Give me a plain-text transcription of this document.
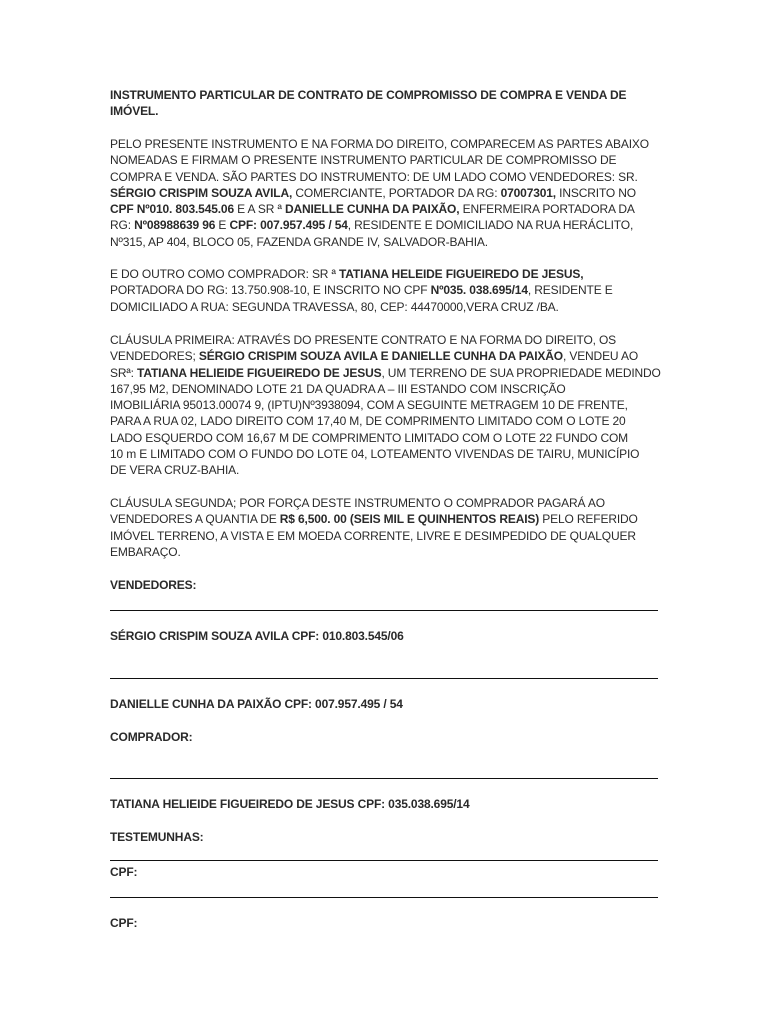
INSTRUMENTO PARTICULAR DE CONTRATO DE COMPROMISSO DE COMPRA E VENDA DE
IMÓVEL.
PELO PRESENTE INSTRUMENTO E NA FORMA DO DIREITO, COMPARECEM AS PARTES ABAIXO
NOMEADAS E FIRMAM O PRESENTE INSTRUMENTO PARTICULAR DE COMPROMISSO DE
COMPRA E VENDA. SÃO PARTES DO INSTRUMENTO: DE UM LADO COMO VENDEDORES: SR.
SÉRGIO CRISPIM SOUZA AVILA, COMERCIANTE, PORTADOR DA RG: 07007301, INSCRITO NO
CPF Nº010. 803.545.06 E A SR ª DANIELLE CUNHA DA PAIXÃO, ENFERMEIRA PORTADORA DA
RG: Nº08988639 96 E CPF: 007.957.495 / 54, RESIDENTE E DOMICILIADO NA RUA HERÁCLITO,
Nº315, AP 404, BLOCO 05, FAZENDA GRANDE IV, SALVADOR-BAHIA.
E DO OUTRO COMO COMPRADOR: SR ª TATIANA HELEIDE FIGUEIREDO DE JESUS,
PORTADORA DO RG: 13.750.908-10, E INSCRITO NO CPF Nº035. 038.695/14, RESIDENTE E
DOMICILIADO A RUA: SEGUNDA TRAVESSA, 80, CEP: 44470000,VERA CRUZ /BA.
CLÁUSULA PRIMEIRA: ATRAVÉS DO PRESENTE CONTRATO E NA FORMA DO DIREITO, OS
VENDEDORES; SÉRGIO CRISPIM SOUZA AVILA E DANIELLE CUNHA DA PAIXÃO, VENDEU AO
SRª: TATIANA HELIEIDE FIGUEIREDO DE JESUS, UM TERRENO DE SUA PROPRIEDADE MEDINDO
167,95 M2, DENOMINADO LOTE 21 DA QUADRA A – III ESTANDO COM INSCRIÇÃO
IMOBILIÁRIA 95013.00074 9, (IPTU)Nº3938094, COM A SEGUINTE METRAGEM 10 DE FRENTE,
PARA A RUA 02, LADO DIREITO COM 17,40 M, DE COMPRIMENTO LIMITADO COM O LOTE 20
LADO ESQUERDO COM 16,67 M DE COMPRIMENTO LIMITADO COM O LOTE 22 FUNDO COM
10 m E LIMITADO COM O FUNDO DO LOTE 04, LOTEAMENTO VIVENDAS DE TAIRU, MUNICÍPIO
DE VERA CRUZ-BAHIA.
CLÁUSULA SEGUNDA; POR FORÇA DESTE INSTRUMENTO O COMPRADOR PAGARÁ AO
VENDEDORES A QUANTIA DE R$ 6,500. 00 (SEIS MIL E QUINHENTOS REAIS) PELO REFERIDO
IMÓVEL TERRENO, A VISTA E EM MOEDA CORRENTE, LIVRE E DESIMPEDIDO DE QUALQUER
EMBARAÇO.
VENDEDORES:
SÉRGIO CRISPIM SOUZA AVILA CPF: 010.803.545/06
DANIELLE CUNHA DA PAIXÃO CPF: 007.957.495 / 54
COMPRADOR:
TATIANA HELIEIDE FIGUEIREDO DE JESUS CPF: 035.038.695/14
TESTEMUNHAS:
CPF:
CPF:
